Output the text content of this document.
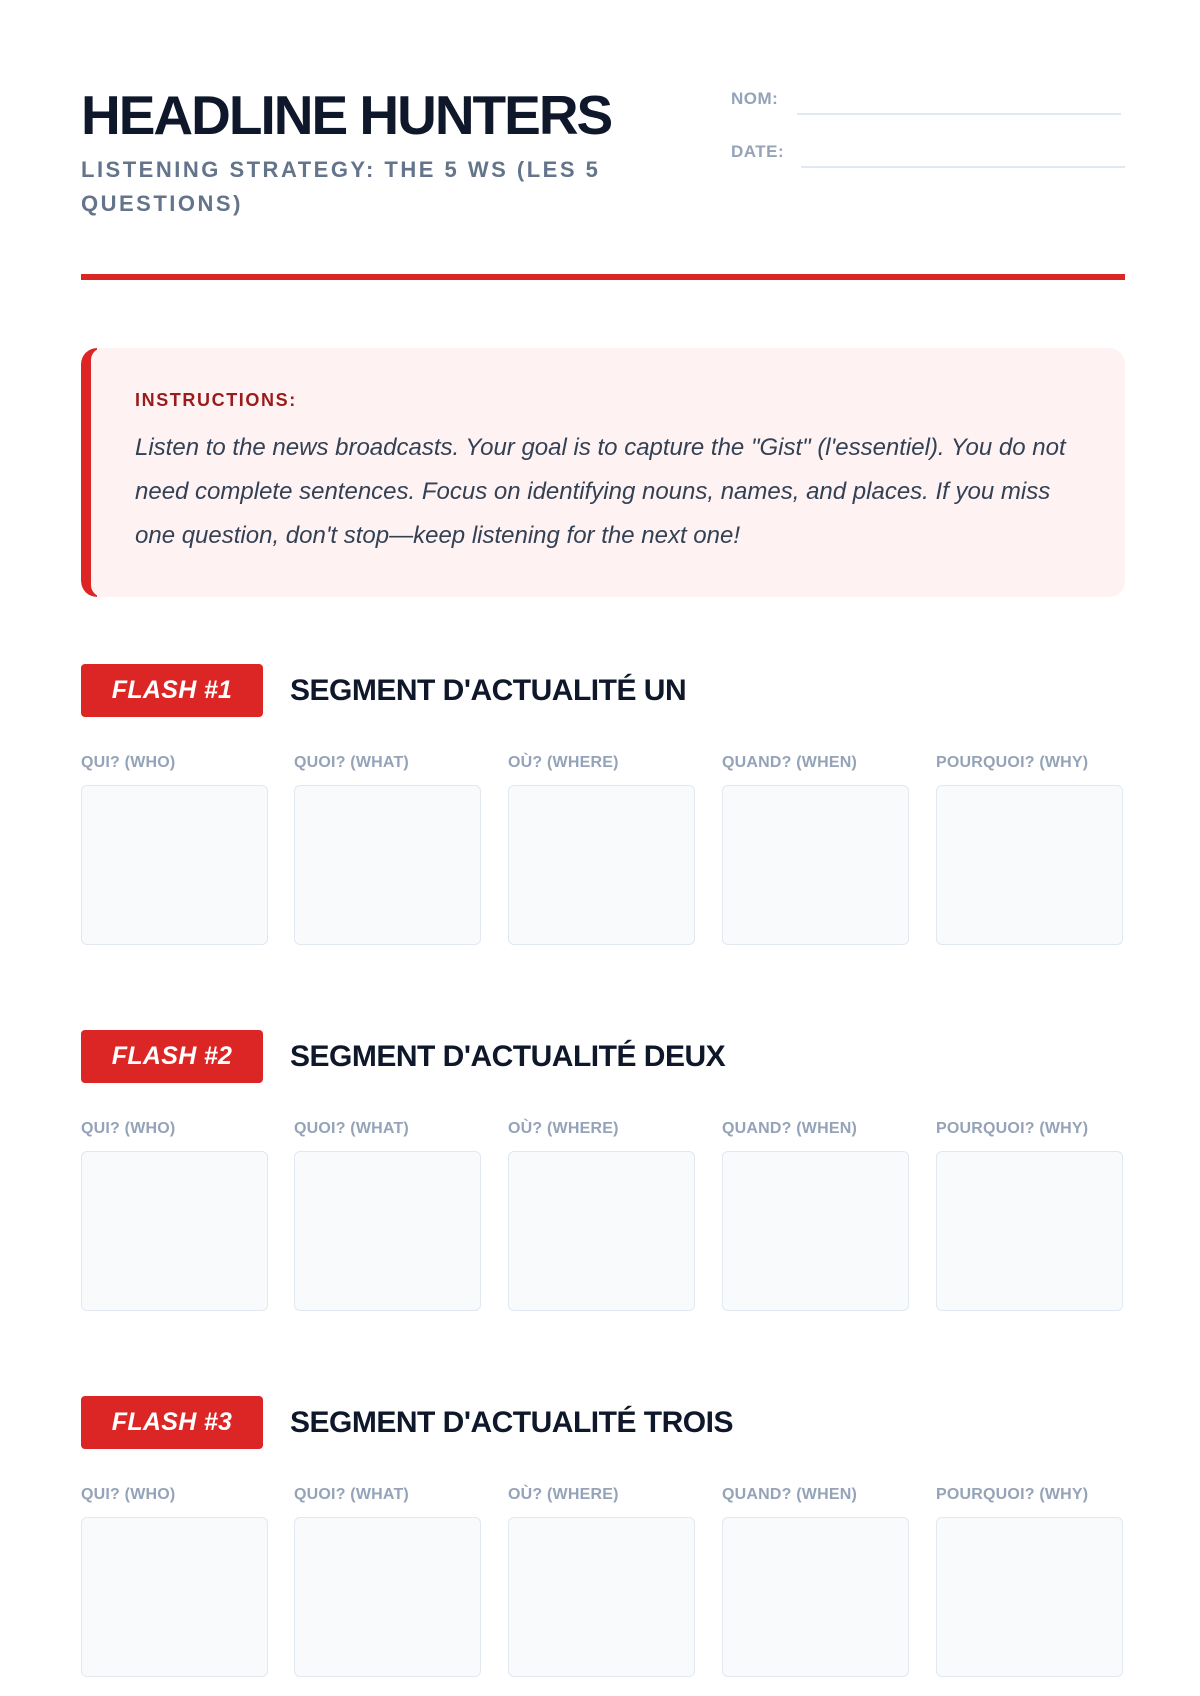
HEADLINE HUNTERS
LISTENING STRATEGY: THE 5 WS (LES 5 QUESTIONS)
NOM:
DATE:
INSTRUCTIONS:
Listen to the news broadcasts. Your goal is to capture the "Gist" (l'essentiel). You do not need complete sentences. Focus on identifying nouns, names, and places. If you miss one question, don't stop—keep listening for the next one!
FLASH #1	SEGMENT D'ACTUALITÉ UN
QUI? (WHO)	QUOI? (WHAT)	OÙ? (WHERE)	QUAND? (WHEN)	POURQUOI? (WHY)
FLASH #2	SEGMENT D'ACTUALITÉ DEUX
QUI? (WHO)	QUOI? (WHAT)	OÙ? (WHERE)	QUAND? (WHEN)	POURQUOI? (WHY)
FLASH #3	SEGMENT D'ACTUALITÉ TROIS
QUI? (WHO)	QUOI? (WHAT)	OÙ? (WHERE)	QUAND? (WHEN)	POURQUOI? (WHY)
